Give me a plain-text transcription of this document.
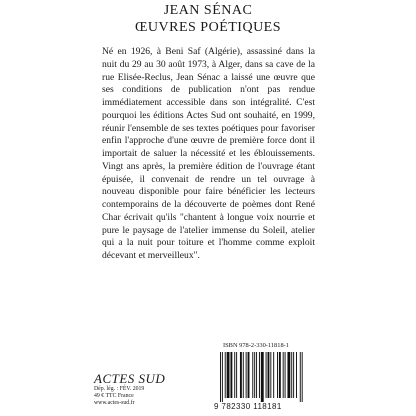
JEAN SÉNAC
ŒUVRES POÉTIQUES

Né en 1926, à Beni Saf (Algérie), assassiné dans la nuit du 29 au 30 août 1973, à Alger, dans sa cave de la rue Elisée-Reclus, Jean Sénac a laissé une œuvre que ses conditions de publication n'ont pas rendue immédiatement accessible dans son intégralité. C'est pourquoi les éditions Actes Sud ont souhaité, en 1999, réunir l'ensemble de ses textes poétiques pour favoriser enfin l'approche d'une œuvre de première force dont il importait de saluer la nécessité et les éblouissements. Vingt ans après, la première édition de l'ouvrage étant épuisée, il convenait de rendre un tel ouvrage à nouveau disponible pour faire bénéficier les lecteurs contemporains de la découverte de poèmes dont René Char écrivait qu'ils "chantent à longue voix nourrie et pure le paysage de l'atelier immense du Soleil, atelier qui a la nuit pour toiture et l'homme comme exploit décevant et merveilleux".

ACTES SUD
Dép. lég. : FÉV. 2019
49 € TTC France
www.actes-sud.fr
ISBN 978-2-330-11818-1
9 782330 118181
